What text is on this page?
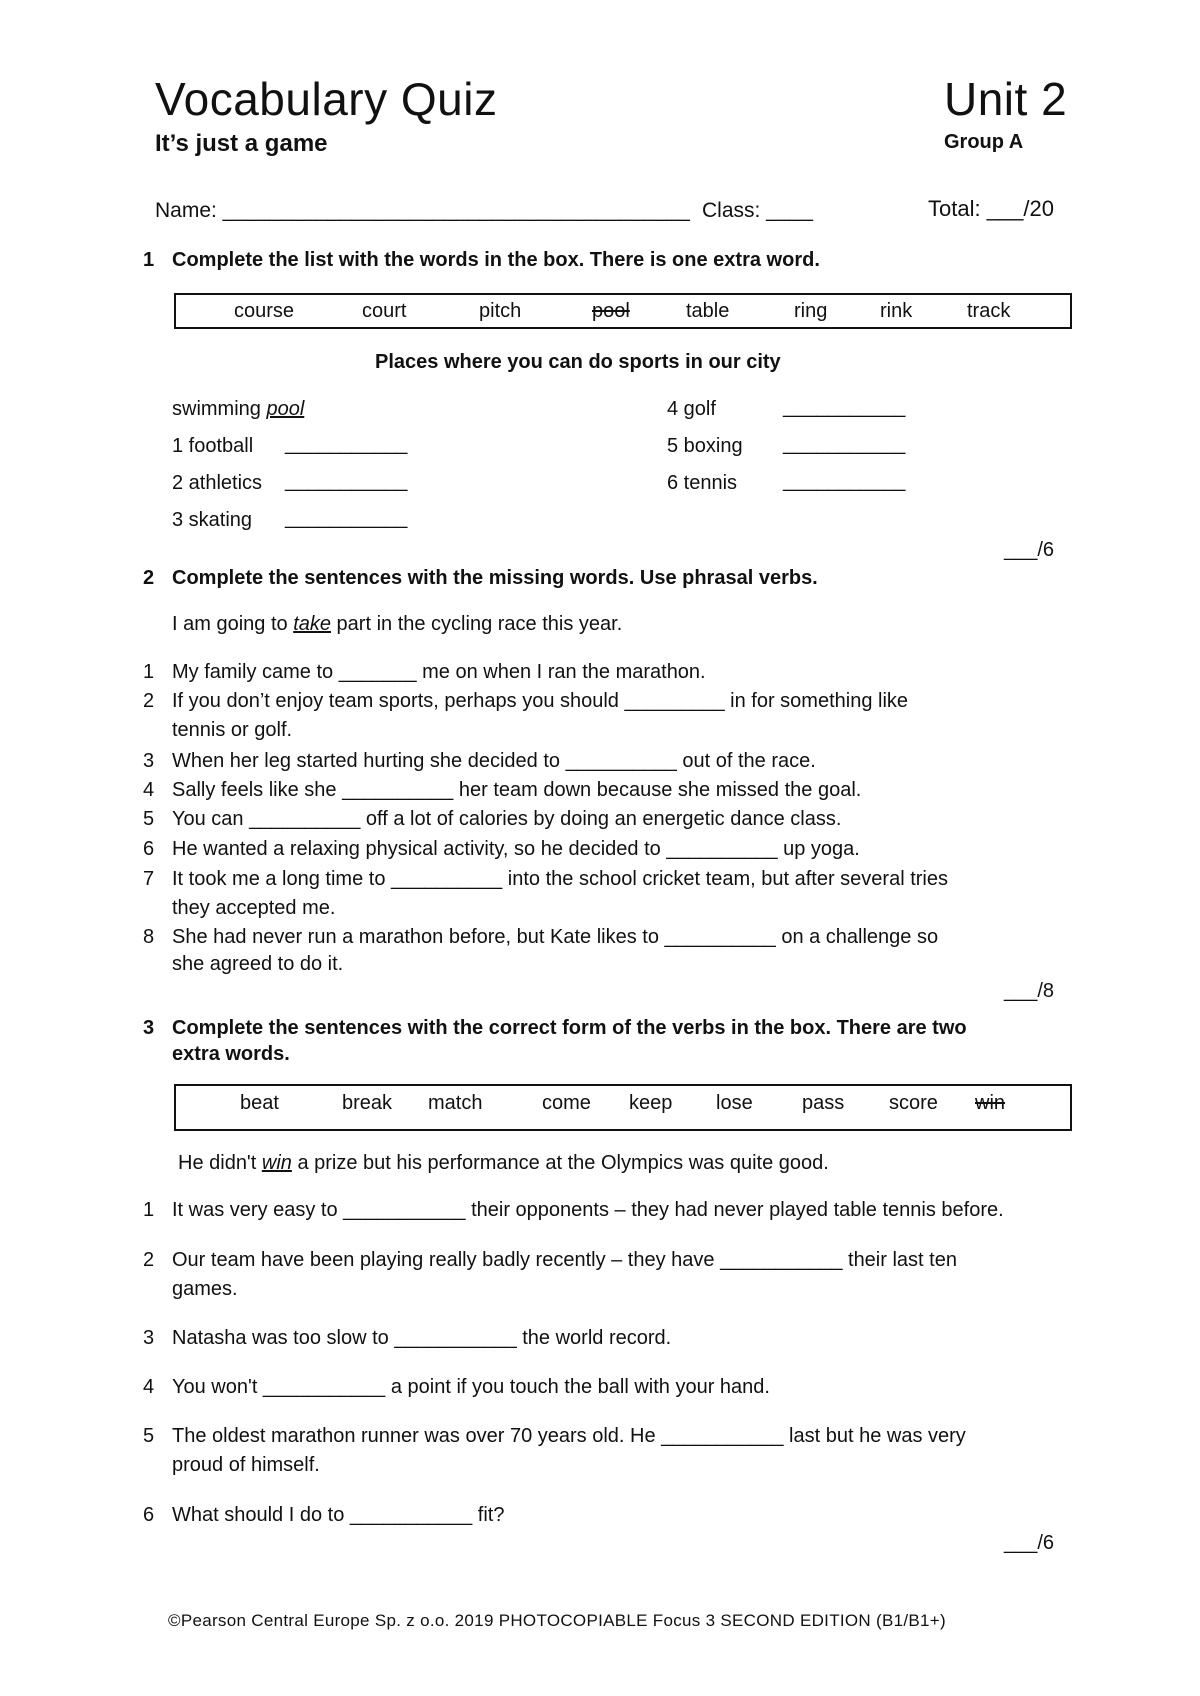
Vocabulary Quiz
It’s just a game
Unit 2
Group A
Name: ________________________________________ Class: ____	Total: ___/20
1 Complete the list with the words in the box. There is one extra word.
course	court	pitch	pool	table	ring	rink	track
Places where you can do sports in our city
swimming pool
1 football ___________
2 athletics ___________
3 skating ___________
4 golf	___________
5 boxing ___________
6 tennis ___________
___/6
2 Complete the sentences with the missing words. Use phrasal verbs.
I am going to take part in the cycling race this year.
1 My family came to _______ me on when I ran the marathon.
2 If you don’t enjoy team sports, perhaps you should _________ in for something like
tennis or golf.
3 When her leg started hurting she decided to __________ out of the race.
4 Sally feels like she __________ her team down because she missed the goal.
5 You can __________ off a lot of calories by doing an energetic dance class.
6 He wanted a relaxing physical activity, so he decided to __________ up yoga.
7 It took me a long time to __________ into the school cricket team, but after several tries
they accepted me.
8 She had never run a marathon before, but Kate likes to __________ on a challenge so
she agreed to do it.
___/8
3 Complete the sentences with the correct form of the verbs in the box. There are two
extra words.
beat	break match	come keep lose pass score win
He didn't win a prize but his performance at the Olympics was quite good.
1 It was very easy to ___________ their opponents – they had never played table tennis before.
2 Our team have been playing really badly recently – they have ___________ their last ten
games.
3 Natasha was too slow to ___________ the world record.
4 You won't ___________ a point if you touch the ball with your hand.
5 The oldest marathon runner was over 70 years old. He ___________ last but he was very
proud of himself.
6 What should I do to ___________ fit?
___/6
©Pearson Central Europe Sp. z o.o. 2019 PHOTOCOPIABLE Focus 3 SECOND EDITION (B1/B1+)
